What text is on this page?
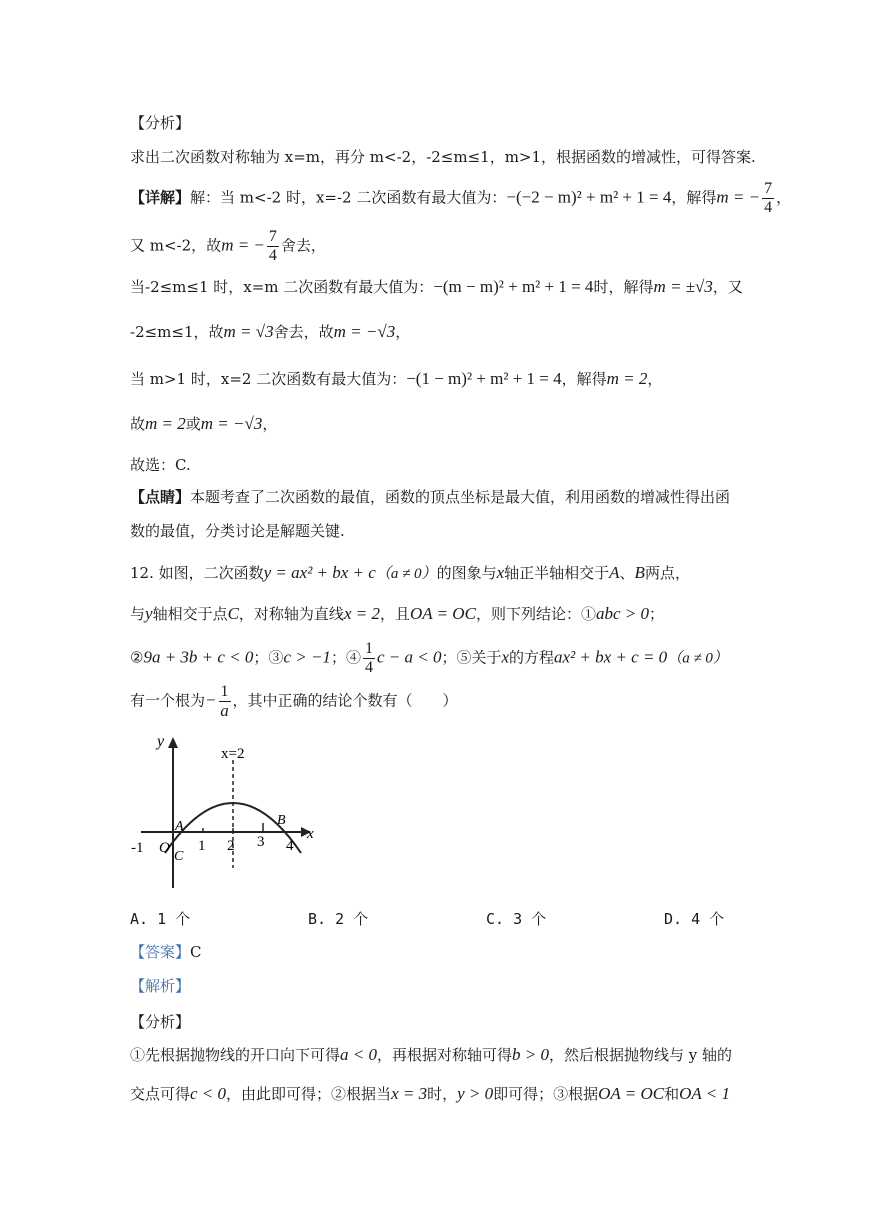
【分析】
求出二次函数对称轴为 x=m，再分 m<-2，-2≤m≤1，m>1，根据函数的增减性，可得答案.
【详解】解：当 m<-2 时，x=-2 二次函数有最大值为：−(−2 − m)² + m² + 1 = 4，解得m = − $\frac{7}{4}$ ，
又 m<-2，故m = − $\frac{7}{4}$ 舍去，
当-2≤m≤1 时，x=m 二次函数有最大值为：−(m − m)² + m² + 1 = 4时，解得m = ±√3，又
-2≤m≤1，故m = √3舍去，故m = −√3，
当 m>1 时，x=2 二次函数有最大值为：−(1 − m)² + m² + 1 = 4，解得m = 2，
故m = 2或m = −√3，
故选：C.
【点睛】本题考查了二次函数的最值，函数的顶点坐标是最大值，利用函数的增减性得出函
数的最值，分类讨论是解题关键.
12. 如图，二次函数y = ax² + bx + c（a ≠ 0）的图象与x轴正半轴相交于A、B两点，
与y轴相交于点C，对称轴为直线x = 2，且OA = OC，则下列结论：①abc > 0；
②9a + 3b + c < 0；③c > −1；④ $\frac{1}{4}$ c − a < 0；⑤关于x的方程ax² + bx + c = 0（a ≠ 0）
有一个根为− $\frac{1}{a}$ ，其中正确的结论个数有（　　）
y
x
x=2
A	B
C
O
-1	1 2 3 4
A. 1 个	B. 2 个	C. 3 个	D. 4 个
【答案】C
【解析】
【分析】
①先根据抛物线的开口向下可得a < 0，再根据对称轴可得b > 0，然后根据抛物线与 y 轴的
交点可得c < 0，由此即可得；②根据当x = 3时，y > 0即可得；③根据OA = OC和OA < 1
